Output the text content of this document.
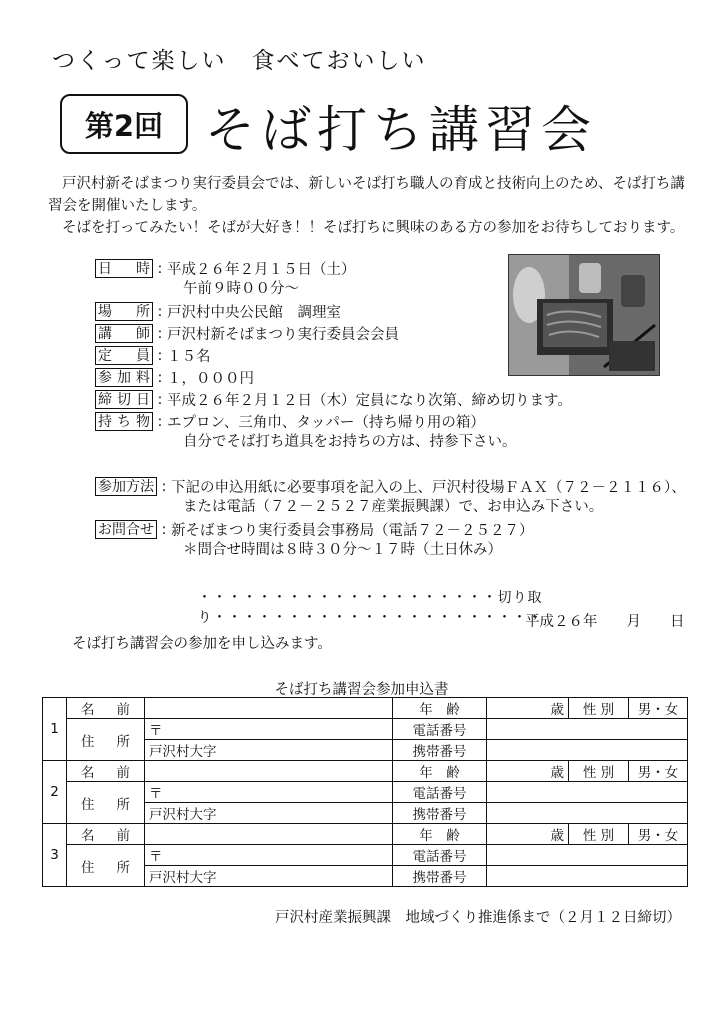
つくって楽しい　食べておいしい
第2回 そば打ち講習会
戸沢村新そばまつり実行委員会では、新しいそば打ち職人の育成と技術向上のため、そば打ち講
習会を開催いたします。
そばを打ってみたい！そばが大好き！！そば打ちに興味のある方の参加をお待ちしております。
日時 : 平成２６年２月１５日（土）
午前９時００分～
場所 : 戸沢村中央公民館　調理室
講師 : 戸沢村新そばまつり実行委員会会員
定員 : １５名
参加料 : １，０００円
締切日 : 平成２６年２月１２日（木）定員になり次第、締め切ります。
持ち物 : エプロン、三角巾、タッパー（持ち帰り用の箱）
自分でそば打ち道具をお持ちの方は、持参下さい。
参加方法 : 下記の申込用紙に必要事項を記入の上、戸沢村役場ＦＡＸ（７２－２１１６）、
または電話（７２－２５２７産業振興課）で、お申込み下さい。
お問合せ : 新そばまつり実行委員会事務局（電話７２－２５２７）
＊問合せ時間は８時３０分～１７時（土日休み）
・・・・・・・・・・・・・・・・・・・・切り取り・・・・・・・・・・・・・・・・・・・・・・
平成２６年　　月　　日
そば打ち講習会の参加を申し込みます。
そば打ち講習会参加申込書
1	名 前		年　齢	歳	性 別	男・女

	住 所	〒	電話番号			
		戸沢村大字	携帯番号			
2	名 前		年　齢	歳	性 別	男・女

	住 所	〒	電話番号			
		戸沢村大字	携帯番号			
3	名 前		年　齢	歳	性 別	男・女

	住 所	〒	電話番号			
		戸沢村大字	携帯番号			
戸沢村産業振興課　地域づくり推進係まで（２月１２日締切）
